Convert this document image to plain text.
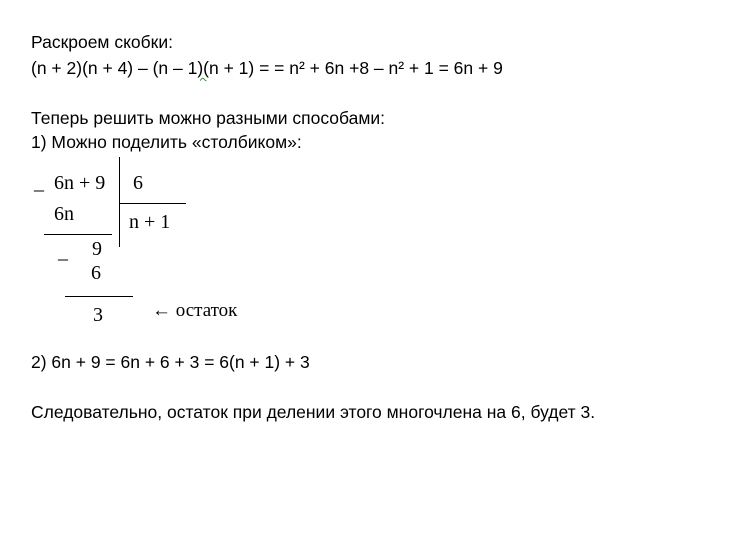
Раскроем скобки:
(n + 2)(n + 4) – (n – 1)(n + 1) = = n² + 6n +8 – n² + 1 = 6n + 9
Теперь решить можно разными способами:
1) Можно поделить «столбиком»:
_ 6n + 9 6
6n	n + 1
_ 9
6
3	← остаток
2) 6n + 9 = 6n + 6 + 3 = 6(n + 1) + 3
Следовательно, остаток при делении этого многочлена на 6, будет 3.
